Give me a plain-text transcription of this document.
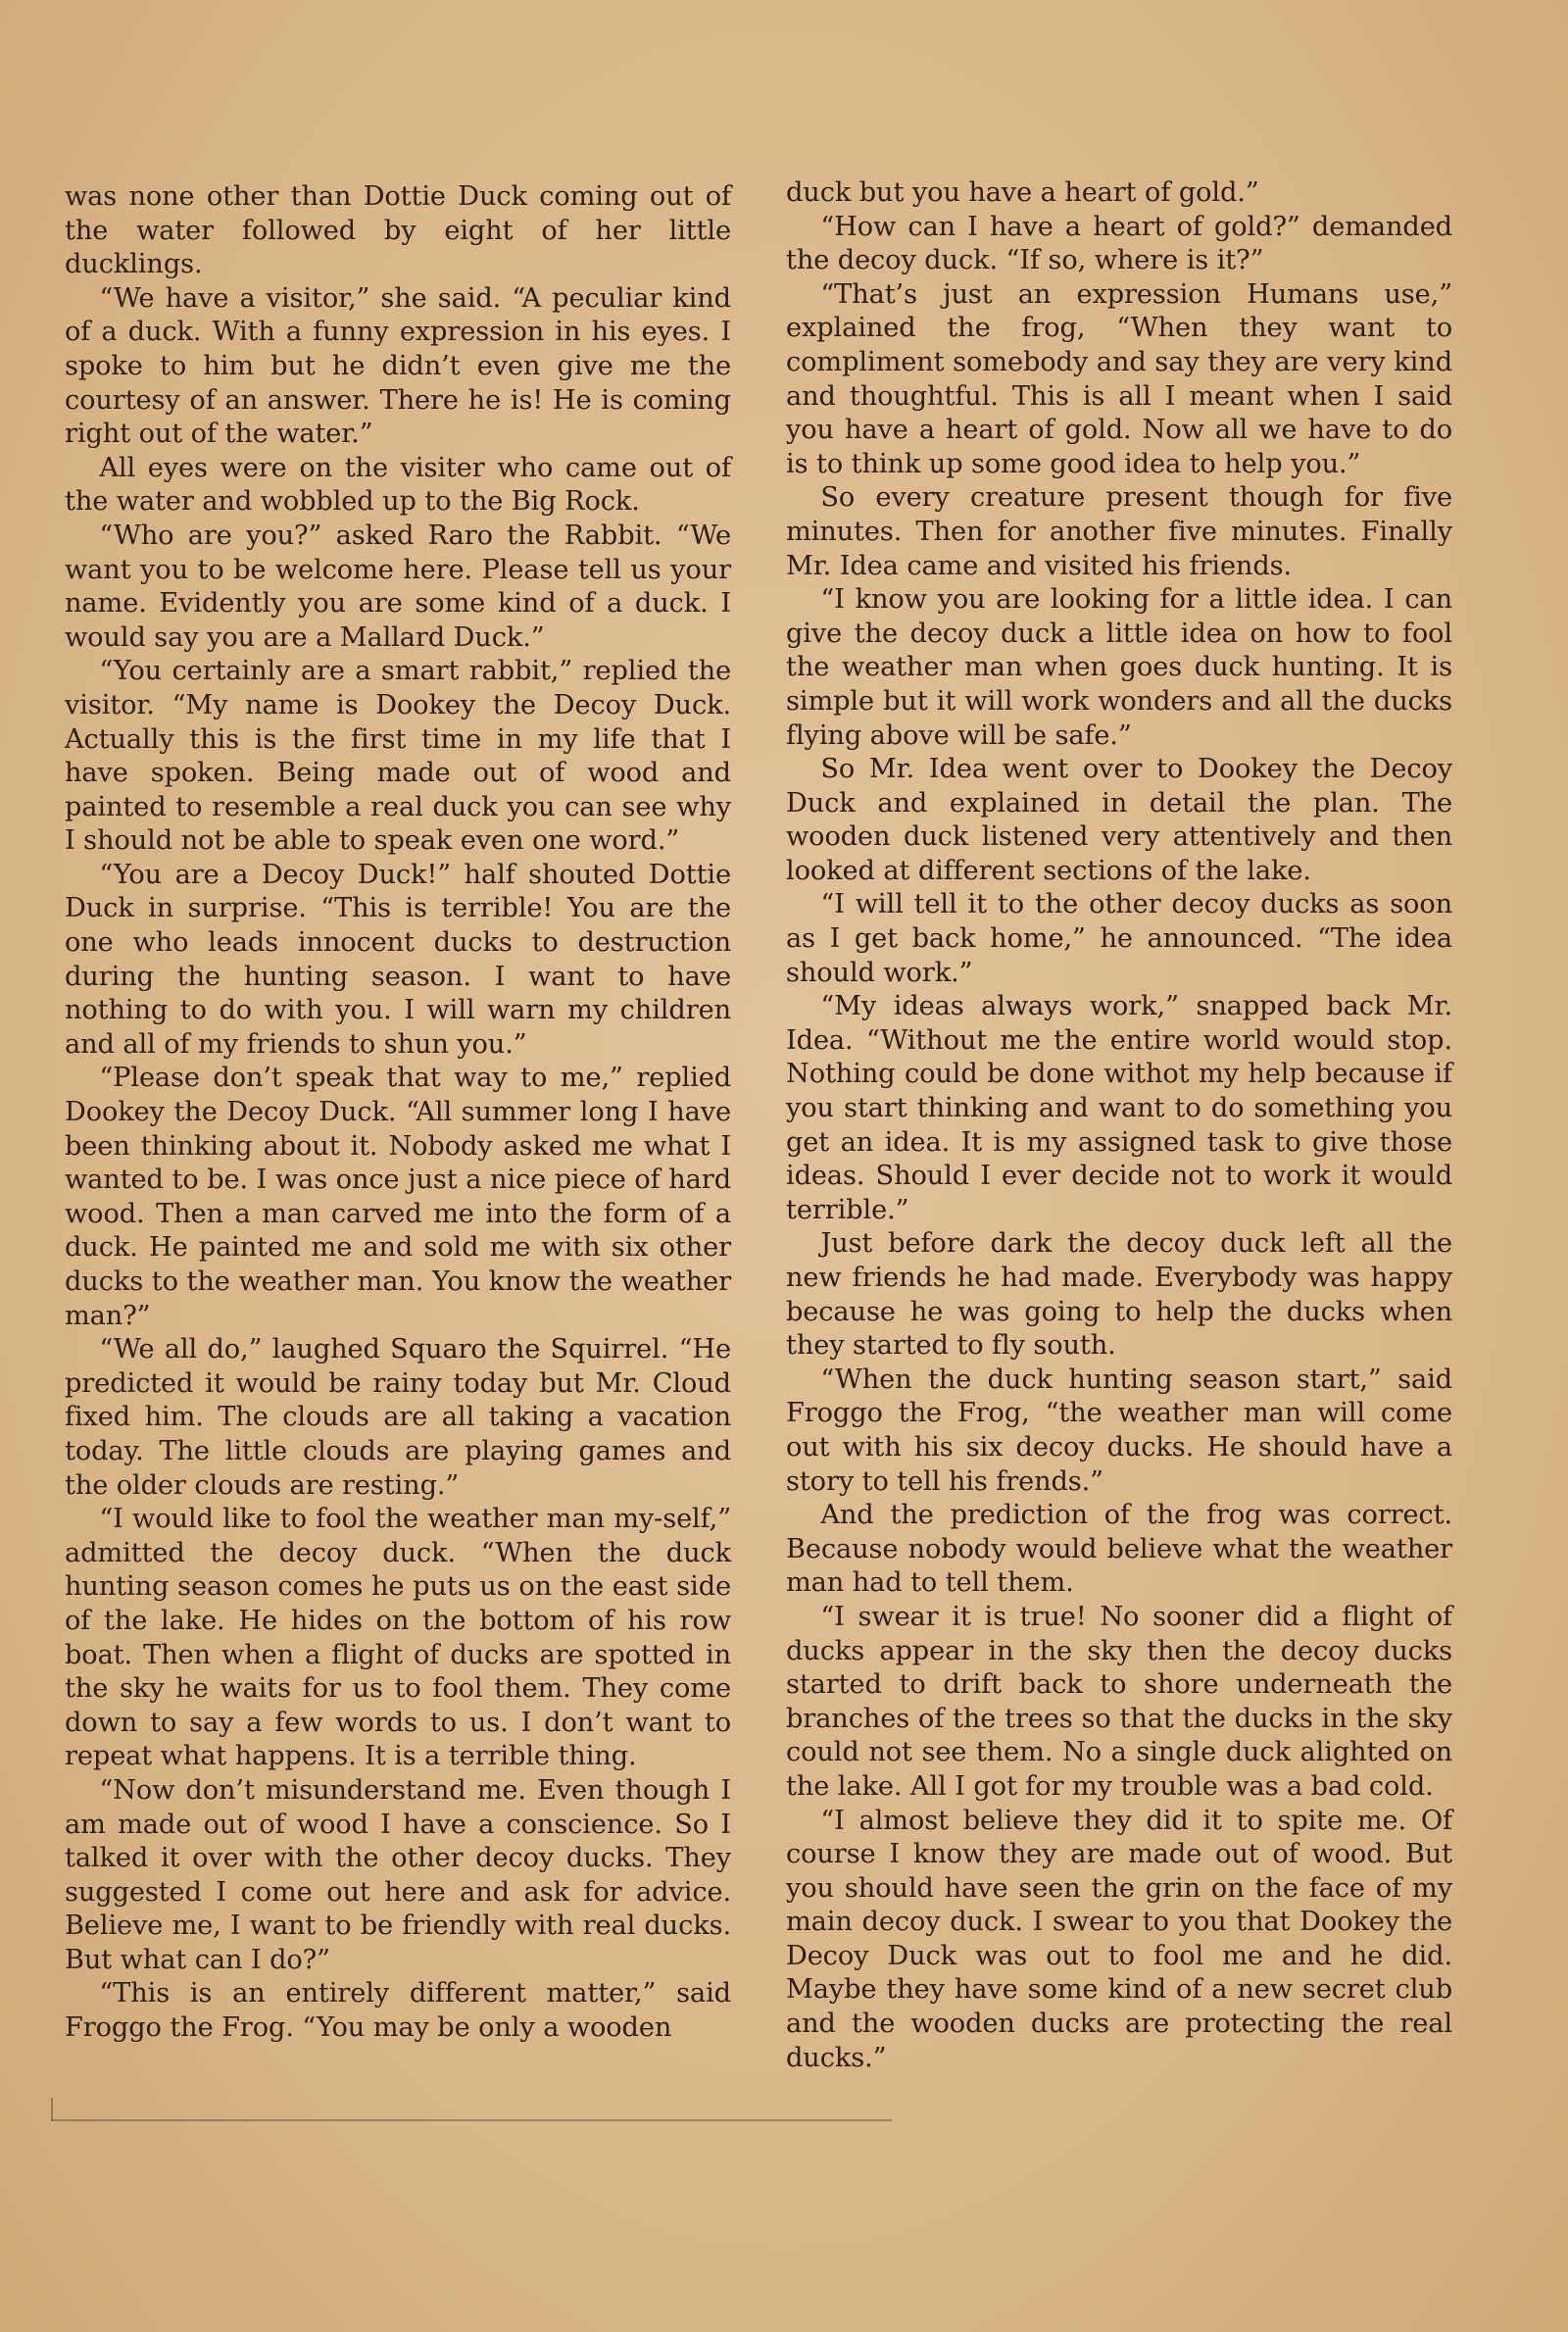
was none other than Dottie Duck coming out of the water followed by eight of her little ducklings.

“We have a visitor,” she said. “A peculiar kind of a duck. With a funny expression in his eyes. I spoke to him but he didn’t even give me the courtesy of an answer. There he is! He is coming right out of the water.”

All eyes were on the visiter who came out of the water and wobbled up to the Big Rock.

“Who are you?” asked Raro the Rabbit. “We want you to be welcome here. Please tell us your name. Evidently you are some kind of a duck. I would say you are a Mallard Duck.”

“You certainly are a smart rabbit,” replied the visitor. “My name is Dookey the Decoy Duck. Actually this is the first time in my life that I have spoken. Being made out of wood and painted to resemble a real duck you can see why I should not be able to speak even one word.”

“You are a Decoy Duck!” half shouted Dottie Duck in surprise. “This is terrible! You are the one who leads innocent ducks to destruction during the hunting season. I want to have nothing to do with you. I will warn my children and all of my friends to shun you.”

“Please don’t speak that way to me,” replied Dookey the Decoy Duck. “All summer long I have been thinking about it. Nobody asked me what I wanted to be. I was once just a nice piece of hard wood. Then a man carved me into the form of a duck. He painted me and sold me with six other ducks to the weather man. You know the weather man?”

“We all do,” laughed Squaro the Squirrel. “He predicted it would be rainy today but Mr. Cloud fixed him. The clouds are all taking a vacation today. The little clouds are playing games and the older clouds are resting.”

“I would like to fool the weather man my-self,” admitted the decoy duck. “When the duck hunting season comes he puts us on the east side of the lake. He hides on the bottom of his row boat. Then when a flight of ducks are spotted in the sky he waits for us to fool them. They come down to say a few words to us. I don’t want to repeat what happens. It is a terrible thing.

“Now don’t misunderstand me. Even though I am made out of wood I have a conscience. So I talked it over with the other decoy ducks. They suggested I come out here and ask for advice. Believe me, I want to be friendly with real ducks. But what can I do?”

“This is an entirely different matter,” said Froggo the Frog. “You may be only a wooden

duck but you have a heart of gold.”

“How can I have a heart of gold?” demanded the decoy duck. “If so, where is it?”

“That’s just an expression Humans use,” explained the frog, “When they want to compliment somebody and say they are very kind and thoughtful. This is all I meant when I said you have a heart of gold. Now all we have to do is to think up some good idea to help you.”

So every creature present though for five minutes. Then for another five minutes. Finally Mr. Idea came and visited his friends.

“I know you are looking for a little idea. I can give the decoy duck a little idea on how to fool the weather man when goes duck hunting. It is simple but it will work wonders and all the ducks flying above will be safe.”

So Mr. Idea went over to Dookey the Decoy Duck and explained in detail the plan. The wooden duck listened very attentively and then looked at different sections of the lake.

“I will tell it to the other decoy ducks as soon as I get back home,” he announced. “The idea should work.”

“My ideas always work,” snapped back Mr. Idea. “Without me the entire world would stop. Nothing could be done withot my help because if you start thinking and want to do something you get an idea. It is my assigned task to give those ideas. Should I ever decide not to work it would terrible.”

Just before dark the decoy duck left all the new friends he had made. Everybody was happy because he was going to help the ducks when they started to fly south.

“When the duck hunting season start,” said Froggo the Frog, “the weather man will come out with his six decoy ducks. He should have a story to tell his frends.”

And the prediction of the frog was correct. Because nobody would believe what the weather man had to tell them.

“I swear it is true! No sooner did a flight of ducks appear in the sky then the decoy ducks started to drift back to shore underneath the branches of the trees so that the ducks in the sky could not see them. No a single duck alighted on the lake. All I got for my trouble was a bad cold.

“I almost believe they did it to spite me. Of course I know they are made out of wood. But you should have seen the grin on the face of my main decoy duck. I swear to you that Dookey the Decoy Duck was out to fool me and he did. Maybe they have some kind of a new secret club and the wooden ducks are protecting the real ducks.”
